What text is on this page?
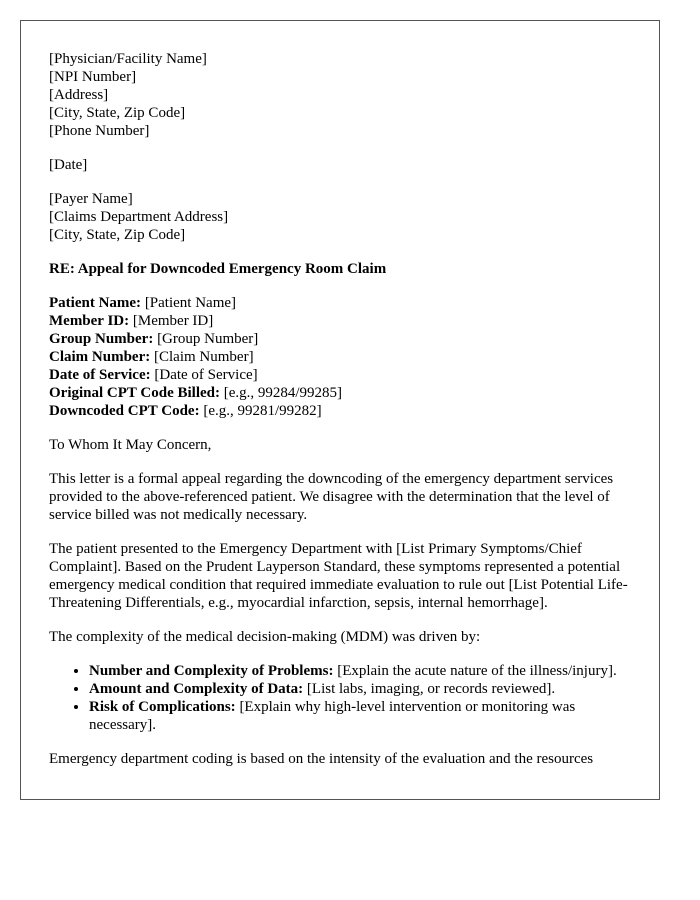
[Physician/Facility Name]
[NPI Number]
[Address]
[City, State, Zip Code]
[Phone Number]
[Date]
[Payer Name]
[Claims Department Address]
[City, State, Zip Code]
RE: Appeal for Downcoded Emergency Room Claim
Patient Name: [Patient Name]
Member ID: [Member ID]
Group Number: [Group Number]
Claim Number: [Claim Number]
Date of Service: [Date of Service]
Original CPT Code Billed: [e.g., 99284/99285]
Downcoded CPT Code: [e.g., 99281/99282]

To Whom It May Concern,

This letter is a formal appeal regarding the downcoding of the emergency department services provided to the above-referenced patient. We disagree with the determination that the level of service billed was not medically necessary.

The patient presented to the Emergency Department with [List Primary Symptoms/Chief Complaint]. Based on the Prudent Layperson Standard, these symptoms represented a potential emergency medical condition that required immediate evaluation to rule out [List Potential Life-Threatening Differentials, e.g., myocardial infarction, sepsis, internal hemorrhage].

The complexity of the medical decision-making (MDM) was driven by:

• Number and Complexity of Problems: [Explain the acute nature of the illness/injury].
• Amount and Complexity of Data: [List labs, imaging, or records reviewed].
• Risk of Complications: [Explain why high-level intervention or monitoring was necessary].

Emergency department coding is based on the intensity of the evaluation and the resources
